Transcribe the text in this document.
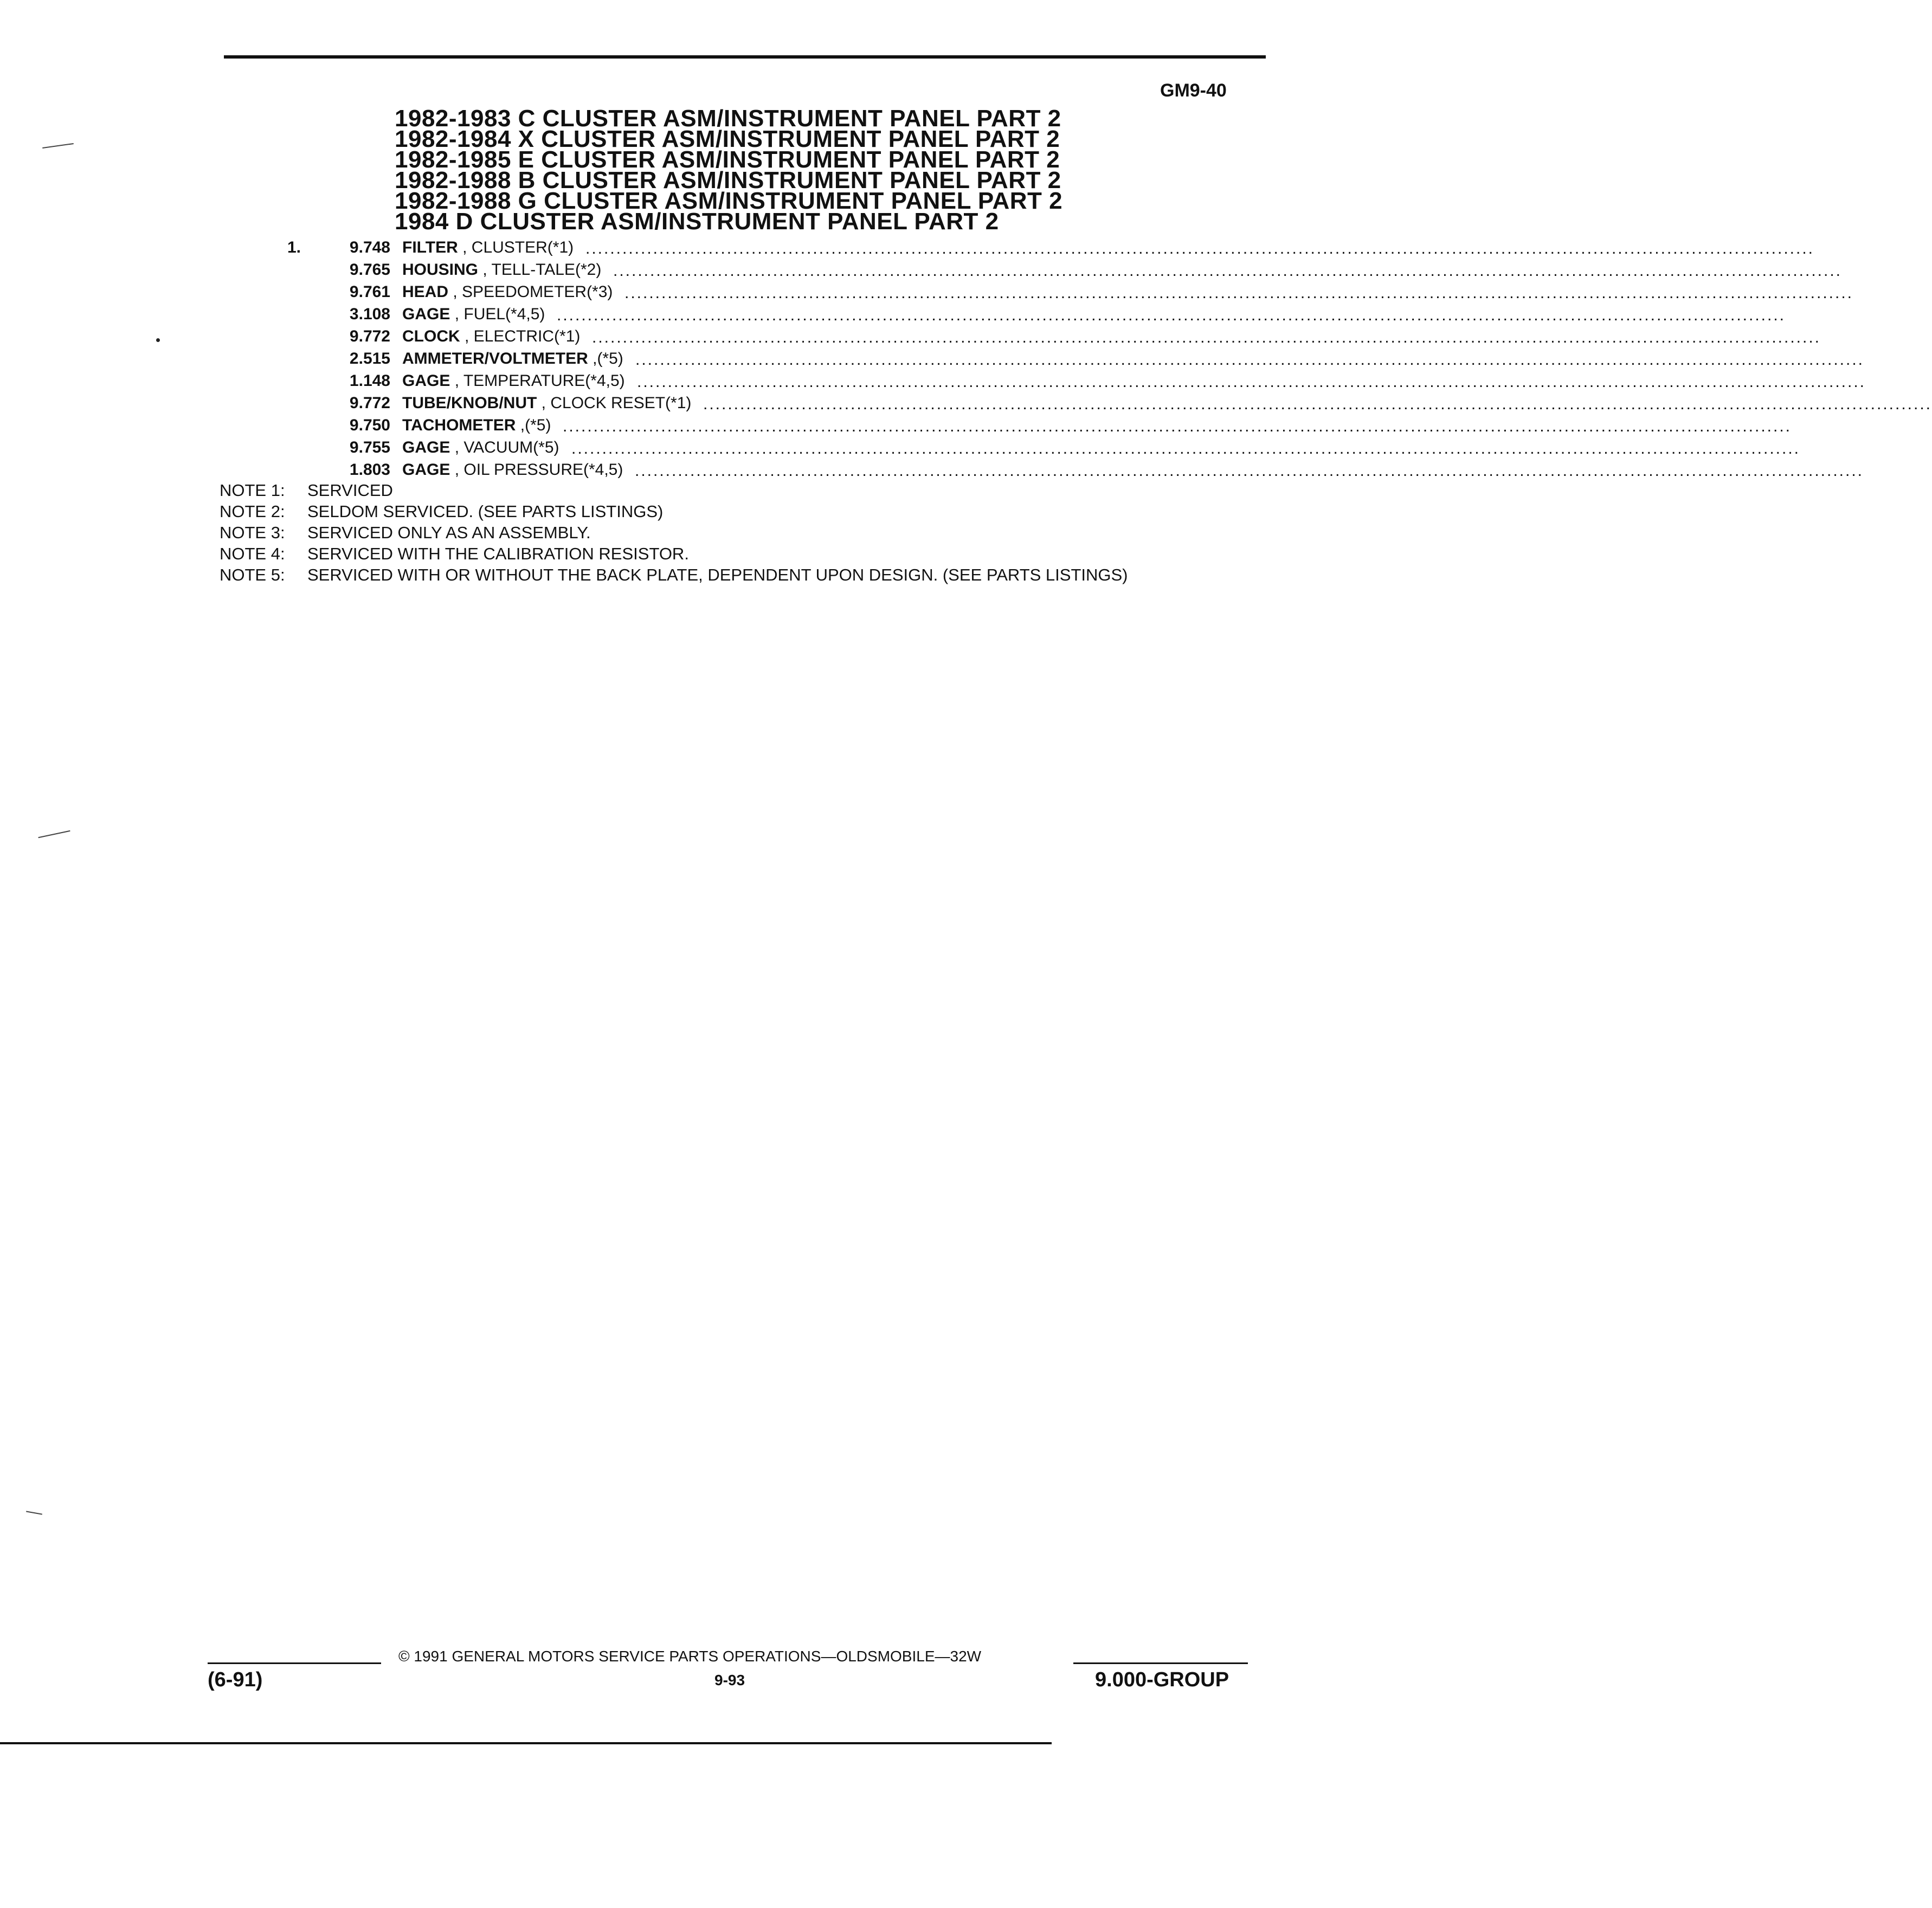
GM9-40
1982-1983 C CLUSTER ASM/INSTRUMENT PANEL PART 2
1982-1984 X CLUSTER ASM/INSTRUMENT PANEL PART 2
1982-1985 E CLUSTER ASM/INSTRUMENT PANEL PART 2
1982-1988 B CLUSTER ASM/INSTRUMENT PANEL PART 2
1982-1988 G CLUSTER ASM/INSTRUMENT PANEL PART 2
1984 D CLUSTER ASM/INSTRUMENT PANEL PART 2
1.	9.748 FILTER , CLUSTER(*1) ........................................................................................................................................................................................................
9.765 HOUSING , TELL-TALE(*2) ........................................................................................................................................................................................................
9.761 HEAD , SPEEDOMETER(*3) ........................................................................................................................................................................................................
3.108 GAGE , FUEL(*4,5) ........................................................................................................................................................................................................
9.772 CLOCK , ELECTRIC(*1) ........................................................................................................................................................................................................
2.515 AMMETER/VOLTMETER ,(*5) ........................................................................................................................................................................................................
1.148 GAGE , TEMPERATURE(*4,5) ........................................................................................................................................................................................................
9.772 TUBE/KNOB/NUT , CLOCK RESET(*1) ........................................................................................................................................................................................................
9.750 TACHOMETER ,(*5) ........................................................................................................................................................................................................
9.755 GAGE , VACUUM(*5) ........................................................................................................................................................................................................
1.803 GAGE , OIL PRESSURE(*4,5) ........................................................................................................................................................................................................
NOTE 1: SERVICED
NOTE 2: SELDOM SERVICED. (SEE PARTS LISTINGS)
NOTE 3: SERVICED ONLY AS AN ASSEMBLY.
NOTE 4: SERVICED WITH THE CALIBRATION RESISTOR.
NOTE 5: SERVICED WITH OR WITHOUT THE BACK PLATE, DEPENDENT UPON DESIGN. (SEE PARTS LISTINGS)
© 1991 GENERAL MOTORS SERVICE PARTS OPERATIONS—OLDSMOBILE—32W
(6-91)	9-93	9.000-GROUP
